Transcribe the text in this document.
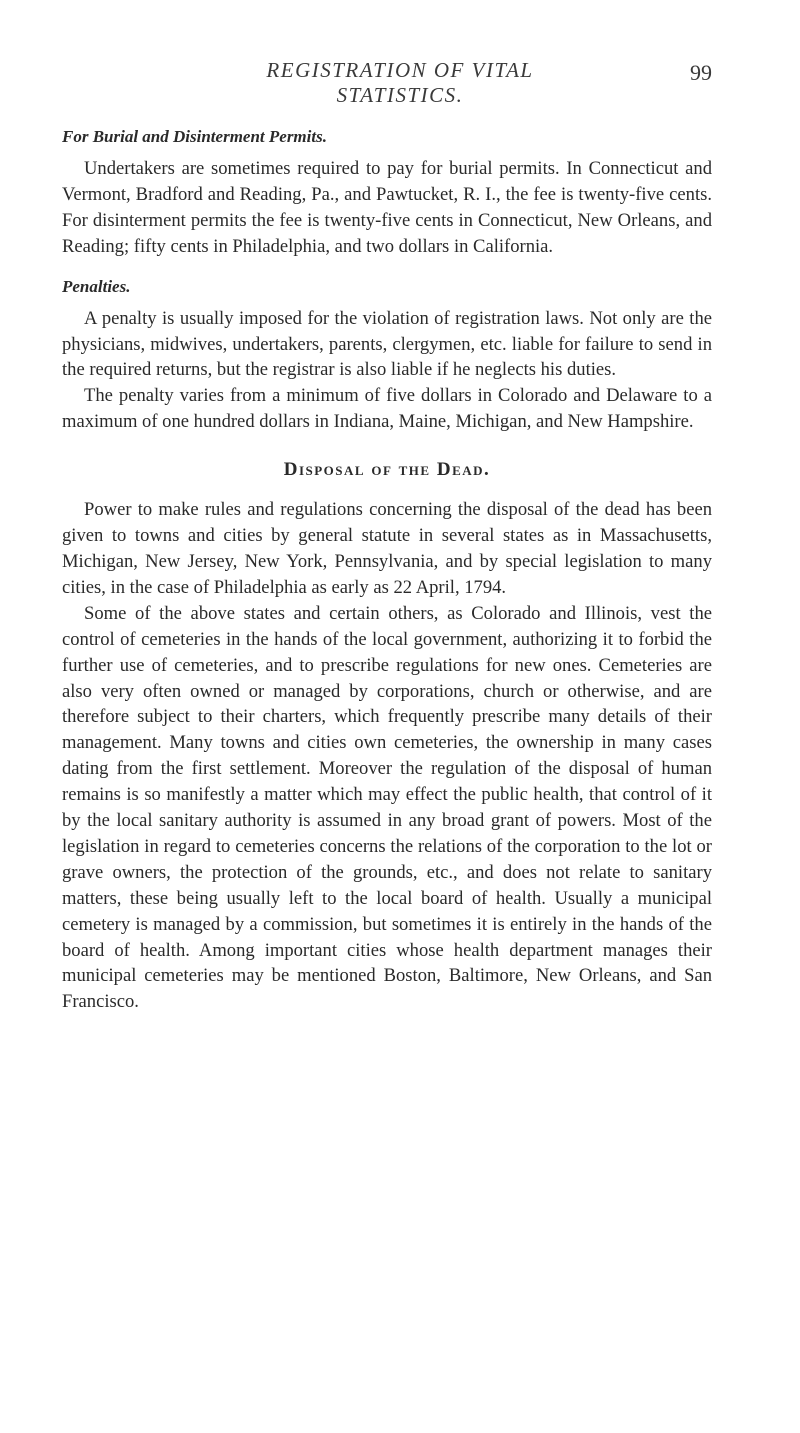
REGISTRATION OF VITAL STATISTICS.
99
For Burial and Disinterment Permits.

Undertakers are sometimes required to pay for burial permits. In Connecticut and Vermont, Bradford and Reading, Pa., and Pawtucket, R. I., the fee is twenty-five cents. For disinterment permits the fee is twenty-five cents in Connecticut, New Orleans, and Reading; fifty cents in Philadelphia, and two dollars in California.

Penalties.

A penalty is usually imposed for the violation of registration laws. Not only are the physicians, midwives, undertakers, parents, clergymen, etc. liable for failure to send in the required returns, but the registrar is also liable if he neglects his duties.

The penalty varies from a minimum of five dollars in Colorado and Delaware to a maximum of one hundred dollars in Indiana, Maine, Michigan, and New Hampshire.

Disposal of the Dead.

Power to make rules and regulations concerning the disposal of the dead has been given to towns and cities by general statute in several states as in Massachusetts, Michigan, New Jersey, New York, Pennsylvania, and by special legislation to many cities, in the case of Philadelphia as early as 22 April, 1794.

Some of the above states and certain others, as Colorado and Illinois, vest the control of cemeteries in the hands of the local government, authorizing it to forbid the further use of cemeteries, and to prescribe regulations for new ones. Cemeteries are also very often owned or managed by corporations, church or otherwise, and are therefore subject to their charters, which frequently prescribe many details of their management. Many towns and cities own cemeteries, the ownership in many cases dating from the first settlement. Moreover the regulation of the disposal of human remains is so manifestly a matter which may effect the public health, that control of it by the local sanitary authority is assumed in any broad grant of powers. Most of the legislation in regard to cemeteries concerns the relations of the corporation to the lot or grave owners, the protection of the grounds, etc., and does not relate to sanitary matters, these being usually left to the local board of health. Usually a municipal cemetery is managed by a commission, but sometimes it is entirely in the hands of the board of health. Among important cities whose health department manages their municipal cemeteries may be mentioned Boston, Baltimore, New Orleans, and San Francisco.
